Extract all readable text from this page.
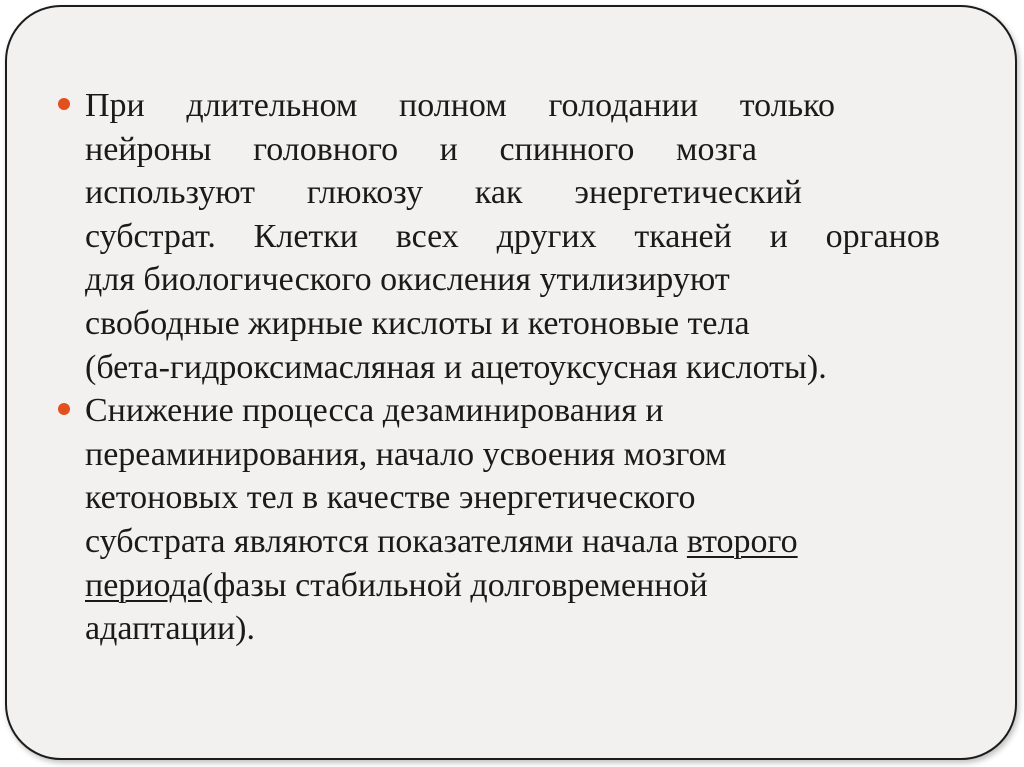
При длительном полном голодании только
нейроны головного и спинного мозга
используют глюкозу как энергетический
субстрат. Клетки всех других тканей и органов
для биологического окисления утилизируют
свободные жирные кислоты и кетоновые тела
(бета-гидроксимасляная и ацетоуксусная кислоты).
Снижение процесса дезаминирования и
переаминирования, начало усвоения мозгом
кетоновых тел в качестве энергетического
субстрата являются показателями начала второго
периода(фазы стабильной долговременной
адаптации).
